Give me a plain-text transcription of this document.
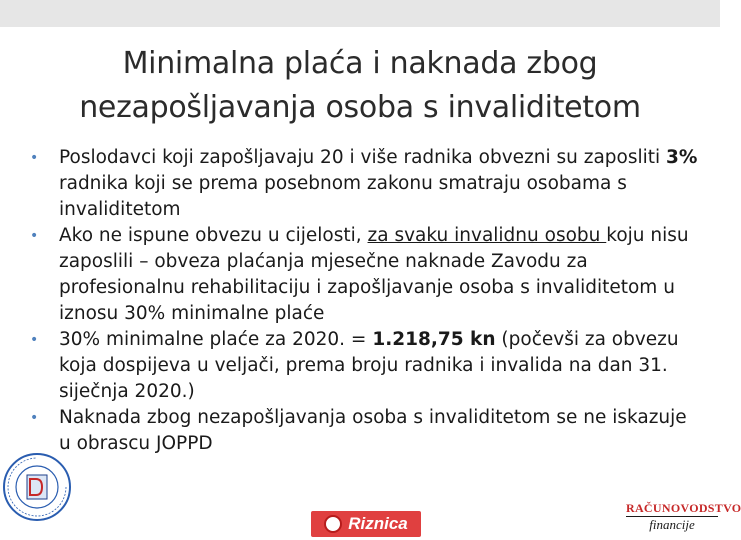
Minimalna plaća i naknada zbog
nezapošljavanja osoba s invaliditetom
•	Poslodavci koji zapošljavaju 20 i više radnika obvezni su zaposliti 3% radnika koji se prema posebnom zakonu smatraju osobama s invaliditetom
•	Ako ne ispune obvezu u cijelosti, za svaku invalidnu osobu koju nisu zaposlili – obveza plaćanja mjesečne naknade Zavodu za profesionalnu rehabilitaciju i zapošljavanje osoba s invaliditetom u iznosu 30% minimalne plaće
•	30% minimalne plaće za 2020. = 1.218,75 kn (počevši za obvezu koja dospijeva u veljači, prema broju radnika i invalida na dan 31. siječnja 2020.)
•	Naknada zbog nezapošljavanja osoba s invaliditetom se ne iskazuje u obrascu JOPPD
Riznica
RAČUNOVODSTVO
financije
